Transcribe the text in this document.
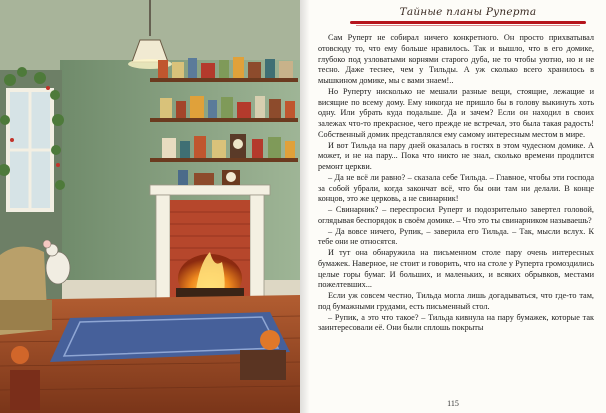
Тайные планы Руперта

Сам Руперт не собирал ничего конкретного. Он просто прихватывал отовсюду то, что ему больше нравилось. Так и вышло, что в его домике, глубоко под узловатыми корнями старого дуба, не то чтобы уютно, но и не тесно. Даже теснее, чем у Тильды. А уж сколько всего хранилось в мышкином домике, мы с вами знаем!..

Но Руперту нисколько не мешали разные вещи, стоящие, лежащие и висящие по всему дому. Ему никогда не пришло бы в голову выкинуть хоть одну. Или убрать куда подальше. Да и зачем? Если он находил в своих залежах что-то прекрасное, чего прежде не встречал, это была такая радость! Собственный домик представлялся ему самому интересным местом в мире.

И вот Тильда на пару дней оказалась в гостях в этом чудесном домике. А может, и не на пару... Пока что никто не знал, сколько времени продлится ремонт церкви.

– Да не всё ли равно? – сказала себе Тильда. – Главное, чтобы эти господа за собой убрали, когда закончат всё, что бы они там ни делали. В конце концов, это же церковь, а не свинарник!

– Свинарник? – переспросил Руперт и подозрительно завертел головой, оглядывая беспорядок в своём домике. – Что это ты свинарником называешь?

– Да вовсе ничего, Рупик, – заверила его Тильда. – Так, мысли вслух. К тебе они не относятся.

И тут она обнаружила на письменном столе пару очень интересных бумажек. Наверное, не стоит и говорить, что на столе у Руперта громоздились целые горы бумаг. И больших, и маленьких, и всяких обрывков, местами пожелтевших...

Если уж совсем честно, Тильда могла лишь догадываться, что где-то там, под бумажными грудами, есть письменный стол.

– Рупик, а это что такое? – Тильда кивнула на пару бумажек, которые так заинтересовали её. Они были сплошь покрыты

115
